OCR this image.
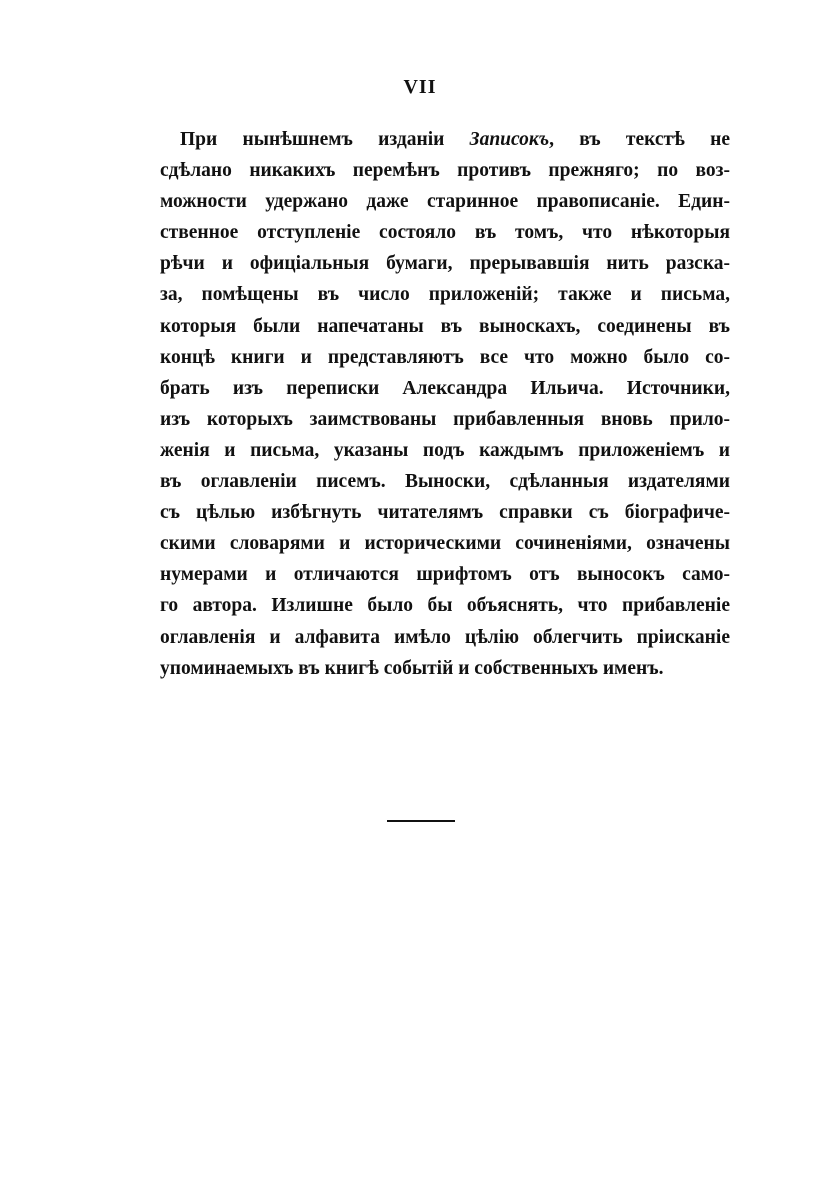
VII
При нынѣшнемъ изданіи Записокъ, въ текстѣ не
сдѣлано никакихъ перемѣнъ противъ прежняго; по воз-
можности удержано даже старинное правописаніе. Един-
ственное отступленіе состояло въ томъ, что нѣкоторыя
рѣчи и офиціальныя бумаги, прерывавшія нить разска-
за, помѣщены въ число приложеній; также и письма,
которыя были напечатаны въ выноскахъ, соединены въ
концѣ книги и представляютъ все что можно было со-
брать изъ переписки Александра Ильича. Источники,
изъ которыхъ заимствованы прибавленныя вновь прило-
женія и письма, указаны подъ каждымъ приложеніемъ и
въ оглавленіи писемъ. Выноски, сдѣланныя издателями
съ цѣлью избѣгнуть читателямъ справки съ біографиче-
скими словарями и историческими сочиненіями, означены
нумерами и отличаются шрифтомъ отъ выносокъ само-
го автора. Излишне было бы объяснять, что прибавленіе
оглавленія и алфавита имѣло цѣлію облегчить пріисканіе
упоминаемыхъ въ книгѣ событій и собственныхъ именъ.
